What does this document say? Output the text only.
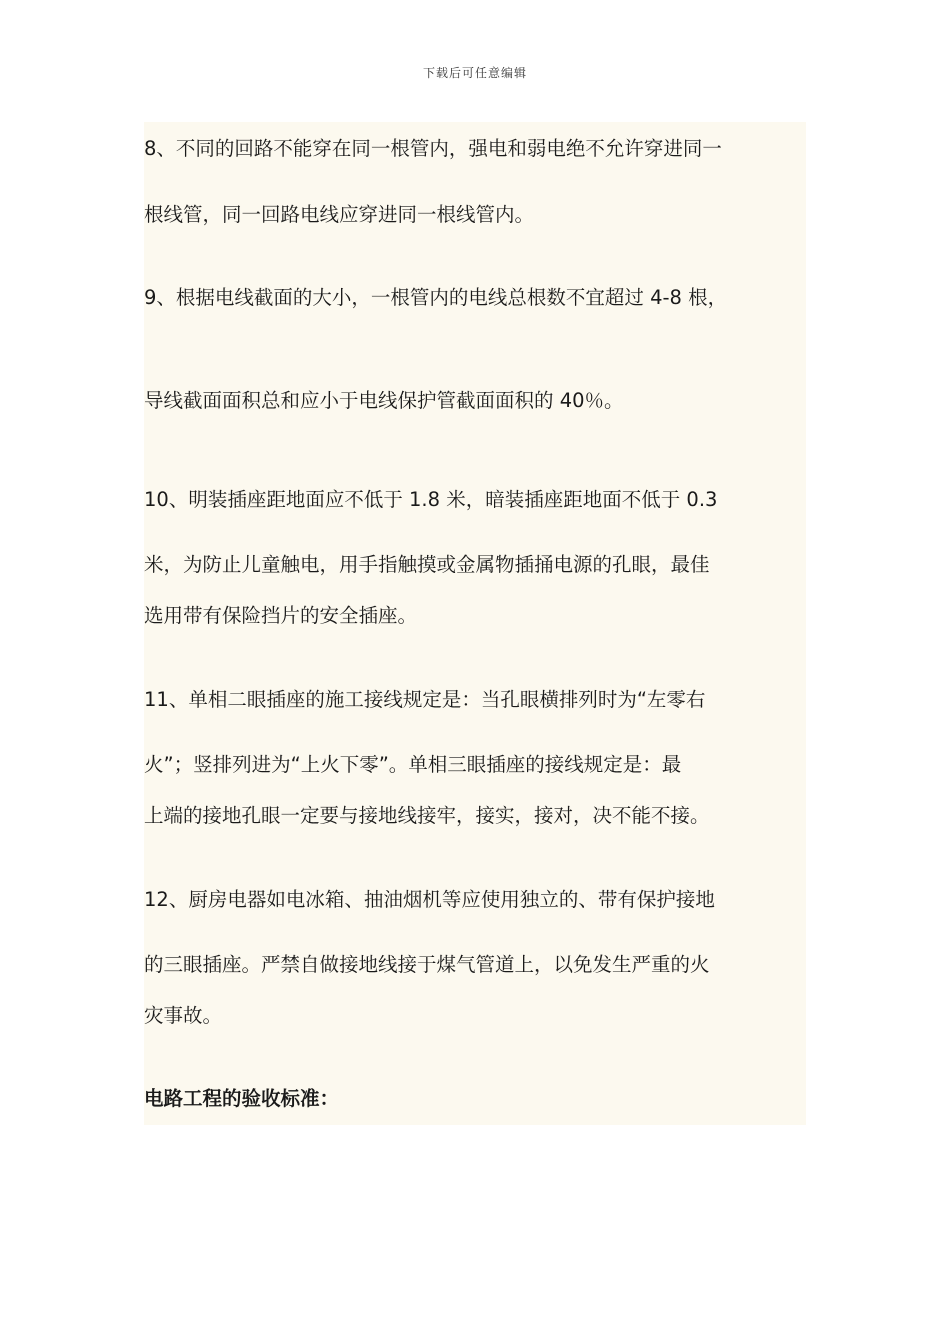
下载后可任意编辑
8、不同的回路不能穿在同一根管内，强电和弱电绝不允许穿进同一
根线管，同一回路电线应穿进同一根线管内。
9、根据电线截面的大小，一根管内的电线总根数不宜超过 4-8 根，
导线截面面积总和应小于电线保护管截面面积的 40％。
10、明装插座距地面应不低于 1.8 米，暗装插座距地面不低于 0.3
米，为防止儿童触电，用手指触摸或金属物插捅电源的孔眼，最佳
选用带有保险挡片的安全插座。
11、单相二眼插座的施工接线规定是：当孔眼横排列时为“左零右
火”；竖排列进为“上火下零”。单相三眼插座的接线规定是：最
上端的接地孔眼一定要与接地线接牢，接实，接对，决不能不接。
12、厨房电器如电冰箱、抽油烟机等应使用独立的、带有保护接地
的三眼插座。严禁自做接地线接于煤气管道上，以免发生严重的火
灾事故。
电路工程的验收标准：
